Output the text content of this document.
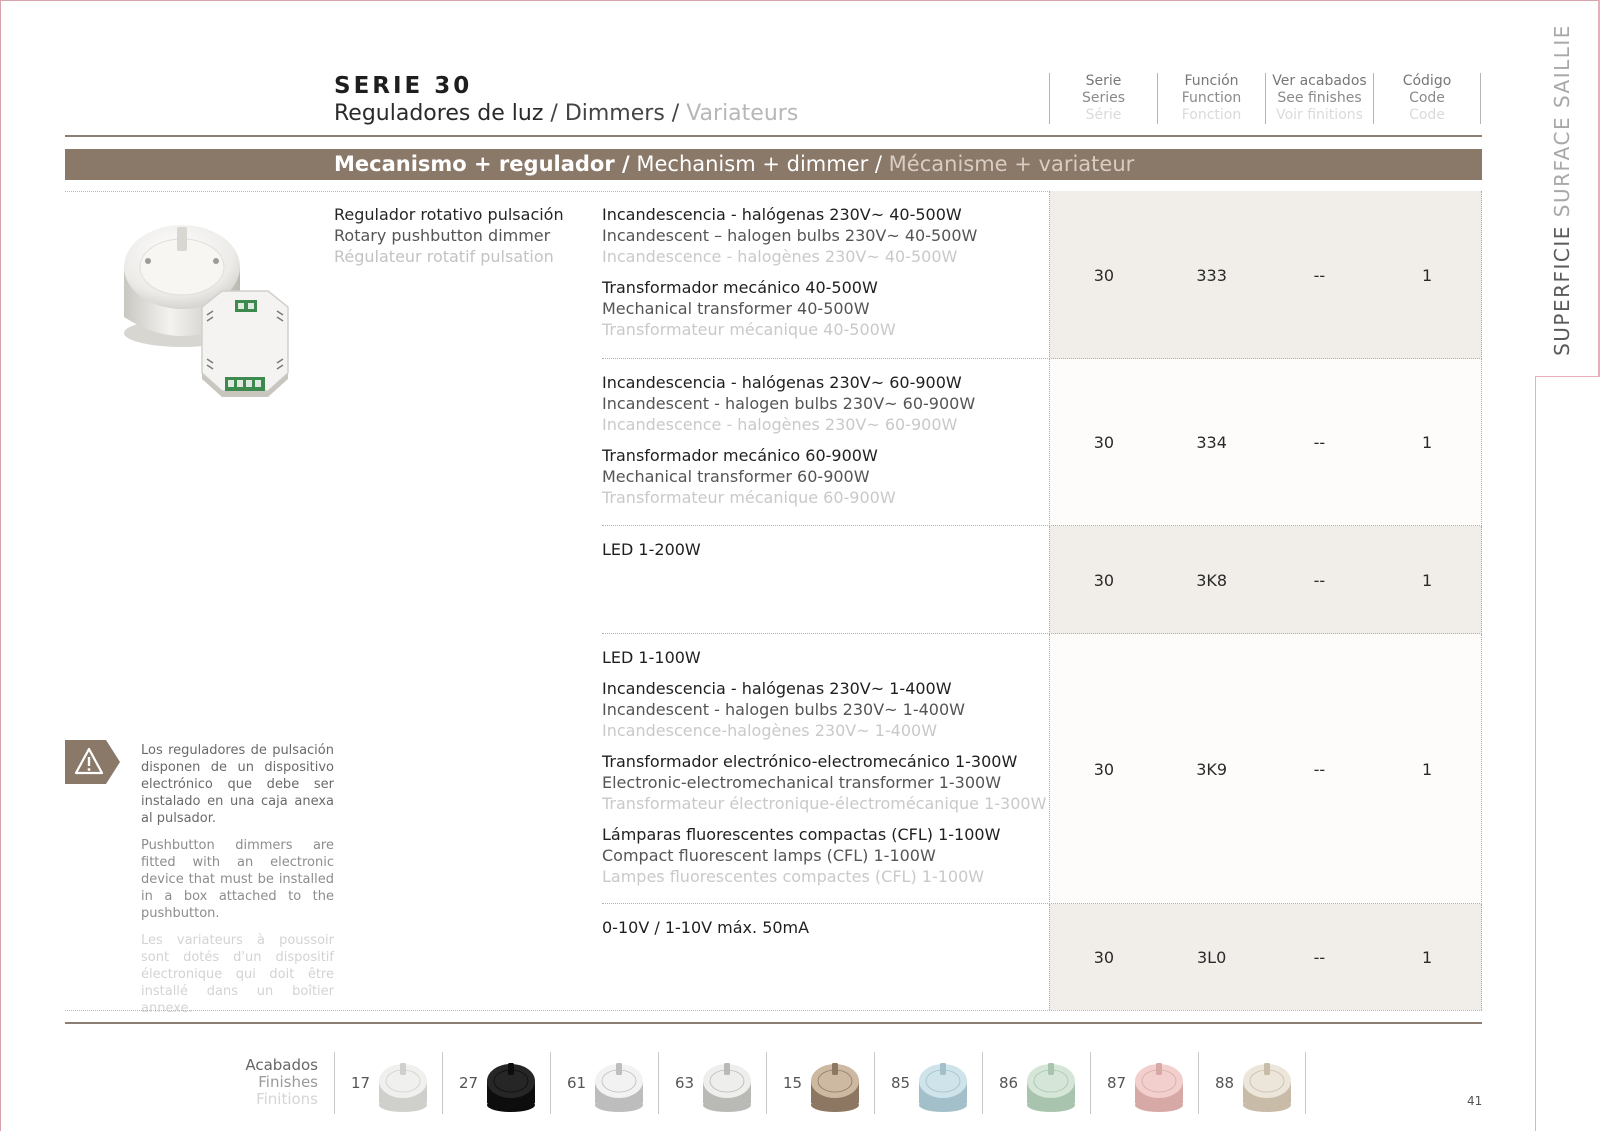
SUPERFICIE SURFACE SAILLIE
SERIE 30
Reguladores de luz / Dimmers / Variateurs
Serie
Series
Série
Función
Function
Fonction
Ver acabados
See finishes
Voir finitions
Código
Code
Code
Mecanismo + regulador / Mechanism + dimmer / Mécanisme + variateur
Regulador rotativo pulsación
Rotary pushbutton dimmer
Régulateur rotatif pulsation
Incandescencia - halógenas 230V~ 40-500W
Incandescent – halogen bulbs 230V~ 40-500W
Incandescence - halogènes 230V~ 40-500W
Transformador mecánico 40-500W
Mechanical transformer 40-500W
Transformateur mécanique 40-500W
30	333	--	1
Incandescencia - halógenas 230V~ 60-900W
Incandescent - halogen bulbs 230V~ 60-900W
Incandescence - halogènes 230V~ 60-900W
Transformador mecánico 60-900W
Mechanical transformer 60-900W
Transformateur mécanique 60-900W
30	334	--	1
LED 1-200W
30	3K8	--	1
LED 1-100W
Incandescencia - halógenas 230V~ 1-400W
Incandescent - halogen bulbs 230V~ 1-400W
Incandescence-halogènes 230V~ 1-400W
Transformador electrónico-electromecánico 1-300W
Electronic-electromechanical transformer 1-300W
Transformateur électronique-électromécanique 1-300W
Lámparas fluorescentes compactas (CFL) 1-100W
Compact fluorescent lamps (CFL) 1-100W
Lampes fluorescentes compactes (CFL) 1-100W
30	3K9	--	1
0-10V / 1-10V máx. 50mA
30	3L0	--	1

Los reguladores de pulsación disponen de un dispositivo electrónico que debe ser instalado en una caja anexa al pulsador.

Pushbutton dimmers are fitted with an electronic device that must be installed in a box attached to the pushbutton.

Les variateurs à poussoir sont dotés d'un dispositif électronique qui doit être installé dans un boîtier annexe.

Acabados
Finishes
Finitions
17	27	61	63	15	85	86	87	88
41
